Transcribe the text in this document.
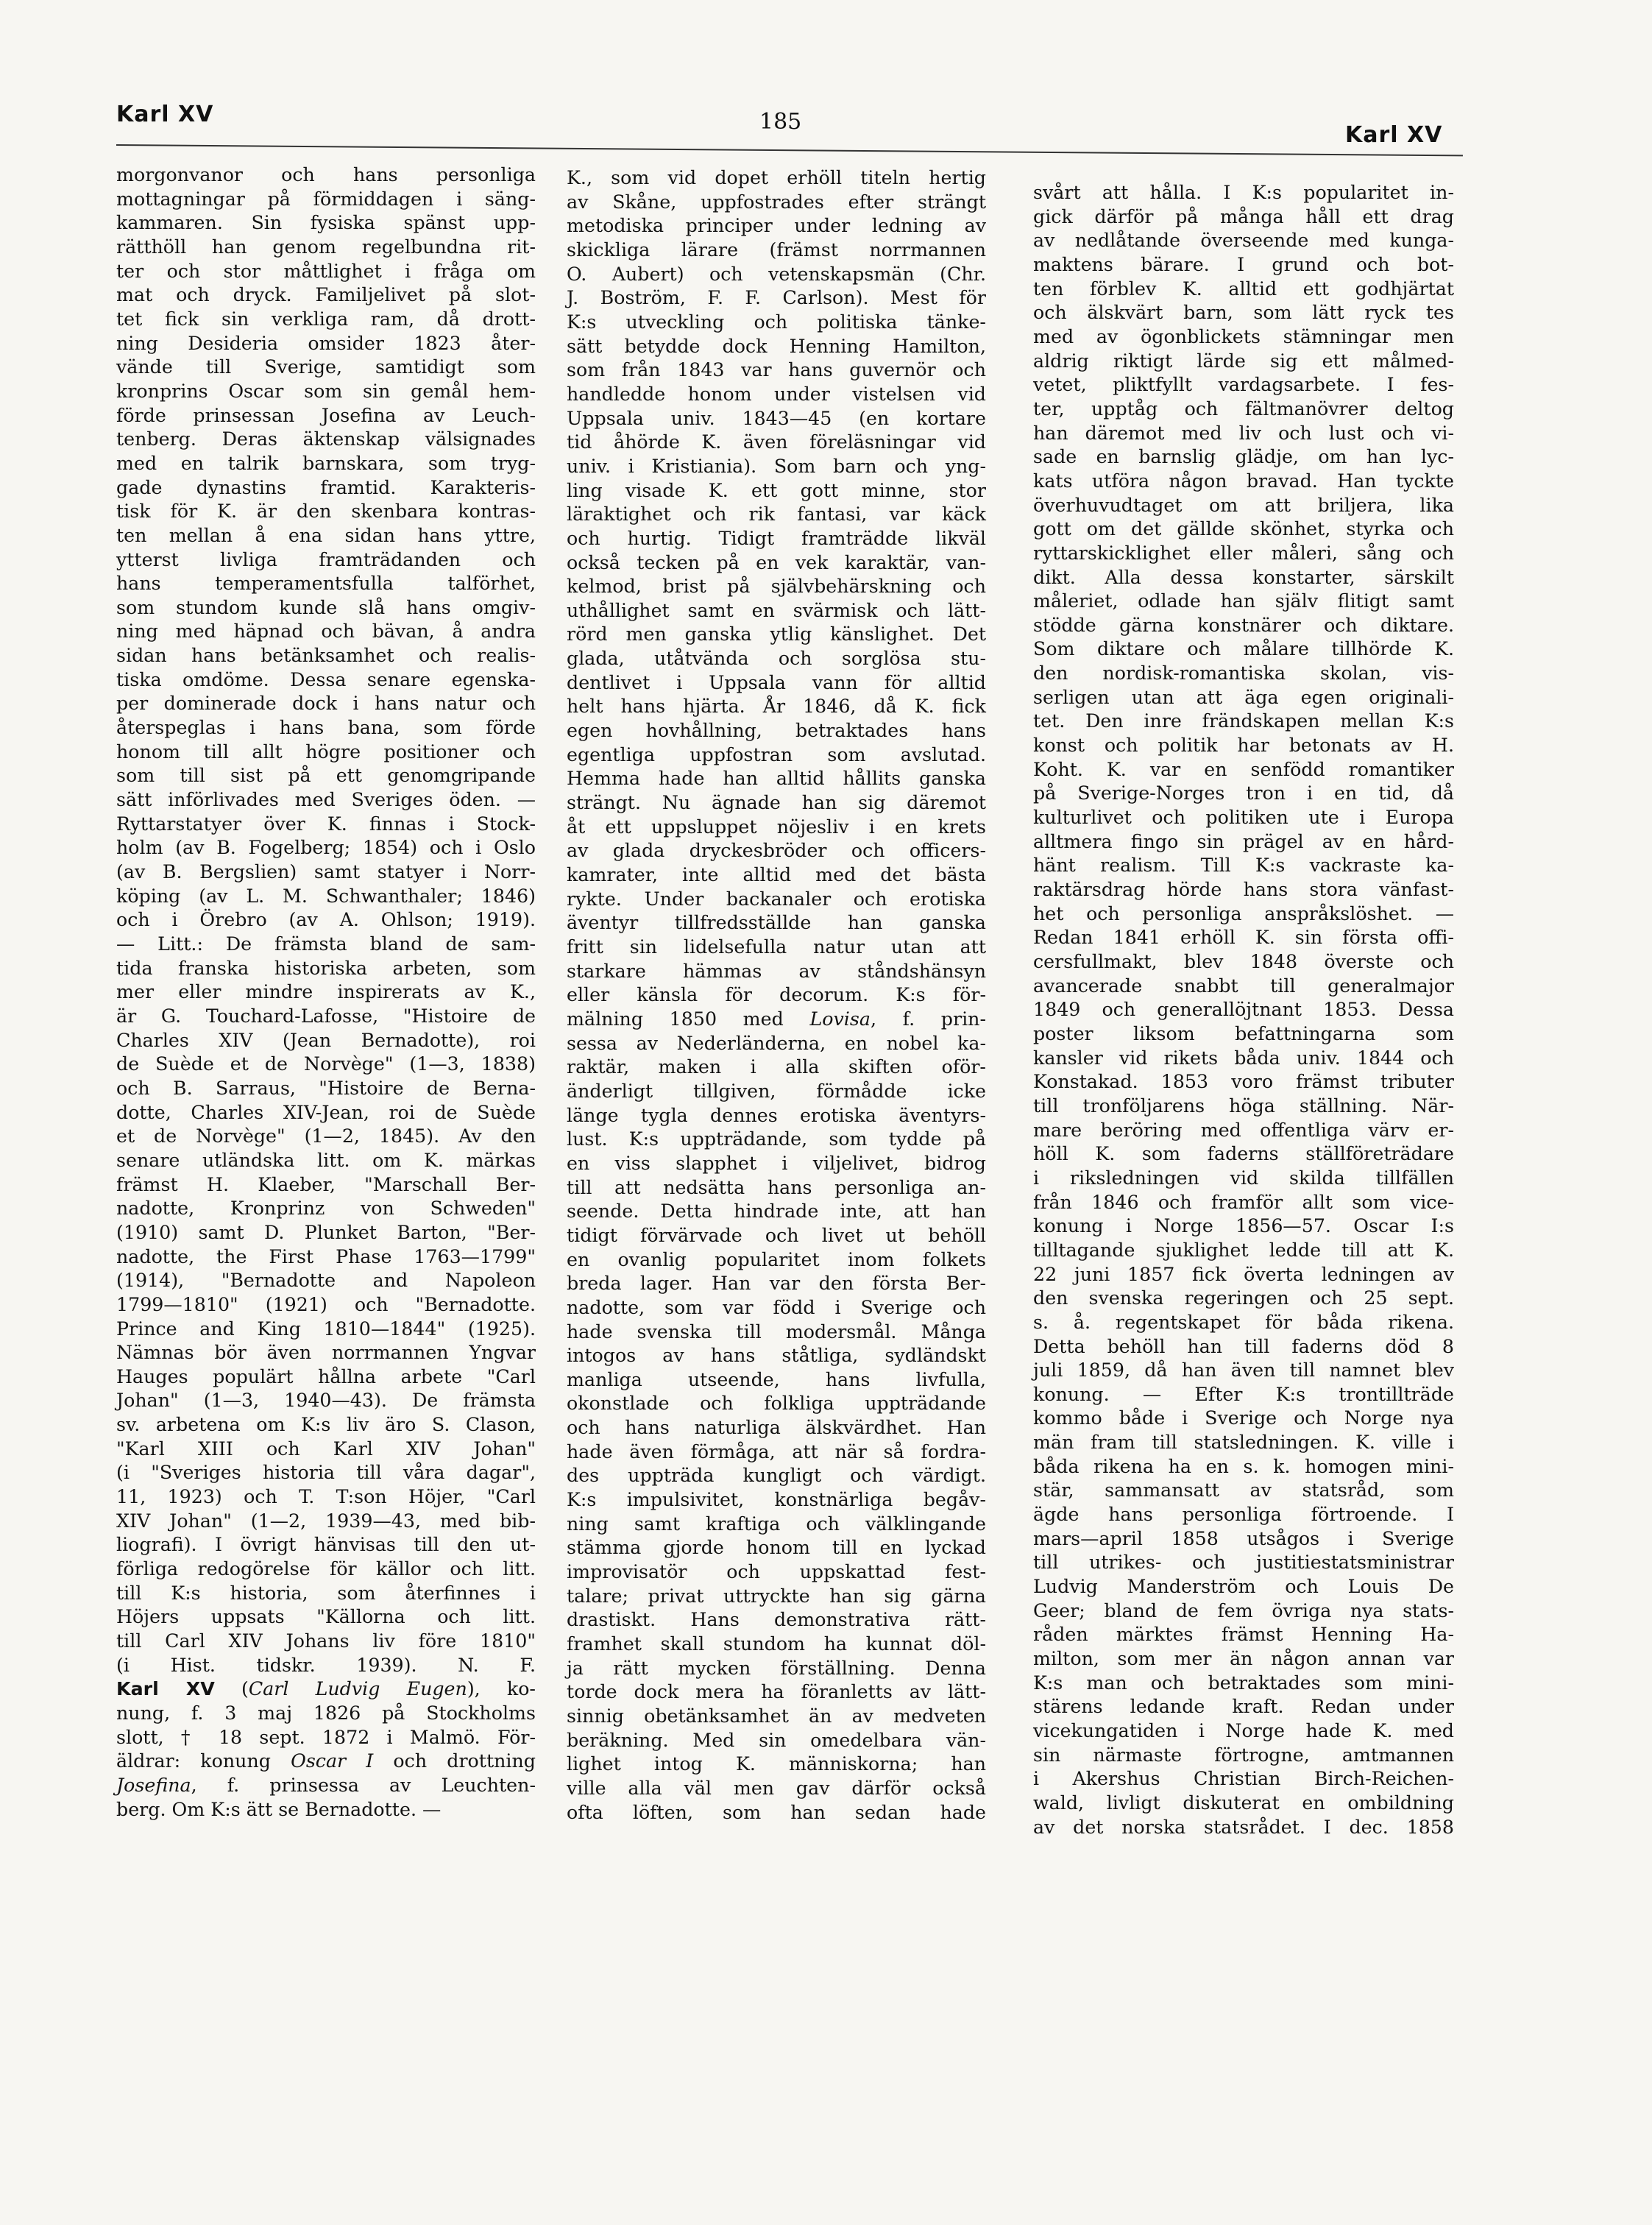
Karl XV	185
Karl XV
morgonvanor och hans personliga
mottagningar på förmiddagen i säng-
kammaren. Sin fysiska spänst upp-
rätthöll han genom regelbundna rit-
ter och stor måttlighet i fråga om
mat och dryck. Familjelivet på slot-
tet fick sin verkliga ram, då drott-
ning Desideria omsider 1823 åter-
vände till Sverige, samtidigt som
kronprins Oscar som sin gemål hem-
förde prinsessan Josefina av Leuch-
tenberg. Deras äktenskap välsignades
med en talrik barnskara, som tryg-
gade dynastins framtid. Karakteris-
tisk för K. är den skenbara kontras-
ten mellan å ena sidan hans yttre,
ytterst livliga framträdanden och
hans temperamentsfulla talförhet,
som stundom kunde slå hans omgiv-
ning med häpnad och bävan, å andra
sidan hans betänksamhet och realis-
tiska omdöme. Dessa senare egenska-
per dominerade dock i hans natur och
återspeglas i hans bana, som förde
honom till allt högre positioner och
som till sist på ett genomgripande
sätt införlivades med Sveriges öden. —
Ryttarstatyer över K. finnas i Stock-
holm (av B. Fogelberg; 1854) och i Oslo
(av B. Bergslien) samt statyer i Norr-
köping (av L. M. Schwanthaler; 1846)
och i Örebro (av A. Ohlson; 1919).
— Litt.: De främsta bland de sam-
tida franska historiska arbeten, som
mer eller mindre inspirerats av K.,
är G. Touchard-Lafosse, "Histoire de
Charles XIV (Jean Bernadotte), roi
de Suède et de Norvège" (1—3, 1838)
och B. Sarraus, "Histoire de Berna-
dotte, Charles XIV-Jean, roi de Suède
et de Norvège" (1—2, 1845). Av den
senare utländska litt. om K. märkas
främst H. Klaeber, "Marschall Ber-
nadotte, Kronprinz von Schweden"
(1910) samt D. Plunket Barton, "Ber-
nadotte, the First Phase 1763—1799"
(1914), "Bernadotte and Napoleon
1799—1810" (1921) och "Bernadotte.
Prince and King 1810—1844" (1925).
Nämnas bör även norrmannen Yngvar
Hauges populärt hållna arbete "Carl
Johan" (1—3, 1940—43). De främsta
sv. arbetena om K:s liv äro S. Clason,
"Karl XIII och Karl XIV Johan"
(i "Sveriges historia till våra dagar",
11, 1923) och T. T:son Höjer, "Carl
XIV Johan" (1—2, 1939—43, med bib-
liografi). I övrigt hänvisas till den ut-
förliga redogörelse för källor och litt.
till K:s historia, som återfinnes i
Höjers uppsats "Källorna och litt.
till Carl XIV Johans liv före 1810"
(i Hist. tidskr. 1939). N. F.
Karl XV (Carl Ludvig Eugen), ko-
nung, f. 3 maj 1826 på Stockholms
slott, † 18 sept. 1872 i Malmö. För-
äldrar: konung Oscar I och drottning
Josefina, f. prinsessa av Leuchten-
berg. Om K:s ätt se Bernadotte. —
K., som vid dopet erhöll titeln hertig
av Skåne, uppfostrades efter strängt
metodiska principer under ledning av
skickliga lärare (främst norrmannen
O. Aubert) och vetenskapsmän (Chr.
J. Boström, F. F. Carlson). Mest för
K:s utveckling och politiska tänke-
sätt betydde dock Henning Hamilton,
som från 1843 var hans guvernör och
handledde honom under vistelsen vid
Uppsala univ. 1843—45 (en kortare
tid åhörde K. även föreläsningar vid
univ. i Kristiania). Som barn och yng-
ling visade K. ett gott minne, stor
läraktighet och rik fantasi, var käck
och hurtig. Tidigt framträdde likväl
också tecken på en vek karaktär, van-
kelmod, brist på självbehärskning och
uthållighet samt en svärmisk och lätt-
rörd men ganska ytlig känslighet. Det
glada, utåtvända och sorglösa stu-
dentlivet i Uppsala vann för alltid
helt hans hjärta. År 1846, då K. fick
egen hovhållning, betraktades hans
egentliga uppfostran som avslutad.
Hemma hade han alltid hållits ganska
strängt. Nu ägnade han sig däremot
åt ett uppsluppet nöjesliv i en krets
av glada dryckesbröder och officers-
kamrater, inte alltid med det bästa
rykte. Under backanaler och erotiska
äventyr tillfredsställde han ganska
fritt sin lidelsefulla natur utan att
starkare hämmas av ståndshänsyn
eller känsla för decorum. K:s för-
mälning 1850 med Lovisa, f. prin-
sessa av Nederländerna, en nobel ka-
raktär, maken i alla skiften oför-
änderligt tillgiven, förmådde icke
länge tygla dennes erotiska äventyrs-
lust. K:s uppträdande, som tydde på
en viss slapphet i viljelivet, bidrog
till att nedsätta hans personliga an-
seende. Detta hindrade inte, att han
tidigt förvärvade och livet ut behöll
en ovanlig popularitet inom folkets
breda lager. Han var den första Ber-
nadotte, som var född i Sverige och
hade svenska till modersmål. Många
intogos av hans ståtliga, sydländskt
manliga utseende, hans livfulla,
okonstlade och folkliga uppträdande
och hans naturliga älskvärdhet. Han
hade även förmåga, att när så fordra-
des uppträda kungligt och värdigt.
K:s impulsivitet, konstnärliga begåv-
ning samt kraftiga och välklingande
stämma gjorde honom till en lyckad
improvisatör och uppskattad fest-
talare; privat uttryckte han sig gärna
drastiskt. Hans demonstrativa rätt-
framhet skall stundom ha kunnat döl-
ja rätt mycken förställning. Denna
torde dock mera ha föranletts av lätt-
sinnig obetänksamhet än av medveten
beräkning. Med sin omedelbara vän-
lighet intog K. människorna; han
ville alla väl men gav därför också
ofta löften, som han sedan hade
svårt att hålla. I K:s popularitet in-
gick därför på många håll ett drag
av nedlåtande överseende med kunga-
maktens bärare. I grund och bot-
ten förblev K. alltid ett godhjärtat
och älskvärt barn, som lätt ryck tes
med av ögonblickets stämningar men
aldrig riktigt lärde sig ett målmed-
vetet, pliktfyllt vardagsarbete. I fes-
ter, upptåg och fältmanövrer deltog
han däremot med liv och lust och vi-
sade en barnslig glädje, om han lyc-
kats utföra någon bravad. Han tyckte
överhuvudtaget om att briljera, lika
gott om det gällde skönhet, styrka och
ryttarskicklighet eller måleri, sång och
dikt. Alla dessa konstarter, särskilt
måleriet, odlade han själv flitigt samt
stödde gärna konstnärer och diktare.
Som diktare och målare tillhörde K.
den nordisk-romantiska skolan, vis-
serligen utan att äga egen originali-
tet. Den inre frändskapen mellan K:s
konst och politik har betonats av H.
Koht. K. var en senfödd romantiker
på Sverige-Norges tron i en tid, då
kulturlivet och politiken ute i Europa
alltmera fingo sin prägel av en hård-
hänt realism. Till K:s vackraste ka-
raktärsdrag hörde hans stora vänfast-
het och personliga anspråkslöshet. —
Redan 1841 erhöll K. sin första offi-
cersfullmakt, blev 1848 överste och
avancerade snabbt till generalmajor
1849 och generallöjtnant 1853. Dessa
poster liksom befattningarna som
kansler vid rikets båda univ. 1844 och
Konstakad. 1853 voro främst tributer
till tronföljarens höga ställning. När-
mare beröring med offentliga värv er-
höll K. som faderns ställföreträdare
i riksledningen vid skilda tillfällen
från 1846 och framför allt som vice-
konung i Norge 1856—57. Oscar I:s
tilltagande sjuklighet ledde till att K.
22 juni 1857 fick överta ledningen av
den svenska regeringen och 25 sept.
s. å. regentskapet för båda rikena.
Detta behöll han till faderns död 8
juli 1859, då han även till namnet blev
konung. — Efter K:s trontillträde
kommo både i Sverige och Norge nya
män fram till statsledningen. K. ville i
båda rikena ha en s. k. homogen mini-
stär, sammansatt av statsråd, som
ägde hans personliga förtroende. I
mars—april 1858 utsågos i Sverige
till utrikes- och justitiestatsministrar
Ludvig Manderström och Louis De
Geer; bland de fem övriga nya stats-
råden märktes främst Henning Ha-
milton, som mer än någon annan var
K:s man och betraktades som mini-
stärens ledande kraft. Redan under
vicekungatiden i Norge hade K. med
sin närmaste förtrogne, amtmannen
i Akershus Christian Birch-Reichen-
wald, livligt diskuterat en ombildning
av det norska statsrådet. I dec. 1858
